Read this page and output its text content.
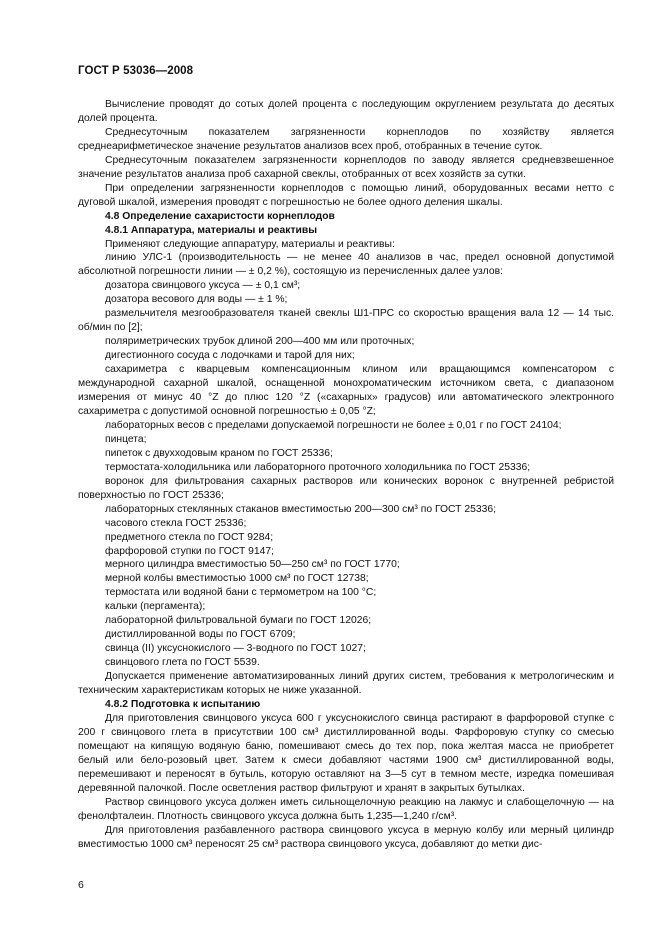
ГОСТ Р 53036—2008

Вычисление проводят до сотых долей процента с последующим округлением результата до десятых долей процента.

Среднесуточным показателем загрязненности корнеплодов по хозяйству является среднеарифметическое значение результатов анализов всех проб, отобранных в течение суток.

Среднесуточным показателем загрязненности корнеплодов по заводу является средневзвешенное значение результатов анализа проб сахарной свеклы, отобранных от всех хозяйств за сутки.

При определении загрязненности корнеплодов с помощью линий, оборудованных весами нетто с дуговой шкалой, измерения проводят с погрешностью не более одного деления шкалы.

4.8 Определение сахаристости корнеплодов

4.8.1 Аппаратура, материалы и реактивы

Применяют следующие аппаратуру, материалы и реактивы:

линию УЛС-1 (производительность — не менее 40 анализов в час, предел основной допустимой абсолютной погрешности линии — ± 0,2 %), состоящую из перечисленных далее узлов:

дозатора свинцового уксуса — ± 0,1 см³;

дозатора весового для воды — ± 1 %;

размельчителя мезгообразователя тканей свеклы Ш1-ПРС со скоростью вращения вала 12 — 14 тыс. об/мин по [2];

поляриметрических трубок длиной 200—400 мм или проточных;

дигестионного сосуда с лодочками и тарой для них;

сахариметра с кварцевым компенсационным клином или вращающимся компенсатором с международной сахарной шкалой, оснащенной монохроматическим источником света, с диапазоном измерения от минус 40 °Z до плюс 120 °Z («сахарных» градусов) или автоматического электронного сахариметра с допустимой основной погрешностью ± 0,05 °Z;

лабораторных весов с пределами допускаемой погрешности не более ± 0,01 г по ГОСТ 24104;

пинцета;

пипеток с двухходовым краном по ГОСТ 25336;

термостата-холодильника или лабораторного проточного холодильника по ГОСТ 25336;

воронок для фильтрования сахарных растворов или конических воронок с внутренней ребристой поверхностью по ГОСТ 25336;

лабораторных стеклянных стаканов вместимостью 200—300 см³ по ГОСТ 25336;

часового стекла ГОСТ 25336;

предметного стекла по ГОСТ 9284;

фарфоровой ступки по ГОСТ 9147;

мерного цилиндра вместимостью 50—250 см³ по ГОСТ 1770;

мерной колбы вместимостью 1000 см³ по ГОСТ 12738;

термостата или водяной бани с термометром на 100 °С;

кальки (пергамента);

лабораторной фильтровальной бумаги по ГОСТ 12026;

дистиллированной воды по ГОСТ 6709;

свинца (II) уксуснокислого — 3-водного по ГОСТ 1027;

свинцового глета по ГОСТ 5539.

Допускается применение автоматизированных линий других систем, требования к метрологическим и техническим характеристикам которых не ниже указанной.

4.8.2 Подготовка к испытанию

Для приготовления свинцового уксуса 600 г уксуснокислого свинца растирают в фарфоровой ступке с 200 г свинцового глета в присутствии 100 см³ дистиллированной воды. Фарфоровую ступку со смесью помещают на кипящую водяную баню, помешивают смесь до тех пор, пока желтая масса не приобретет белый или бело-розовый цвет. Затем к смеси добавляют частями 1900 см³ дистиллированной воды, перемешивают и переносят в бутыль, которую оставляют на 3—5 сут в темном месте, изредка помешивая деревянной палочкой. После осветления раствор фильтруют и хранят в закрытых бутылках.

Раствор свинцового уксуса должен иметь сильнощелочную реакцию на лакмус и слабощелочную — на фенолфталеин. Плотность свинцового уксуса должна быть 1,235—1,240 г/см³.

Для приготовления разбавленного раствора свинцового уксуса в мерную колбу или мерный цилиндр вместимостью 1000 см³ переносят 25 см³ раствора свинцового уксуса, добавляют до метки дис-

6
